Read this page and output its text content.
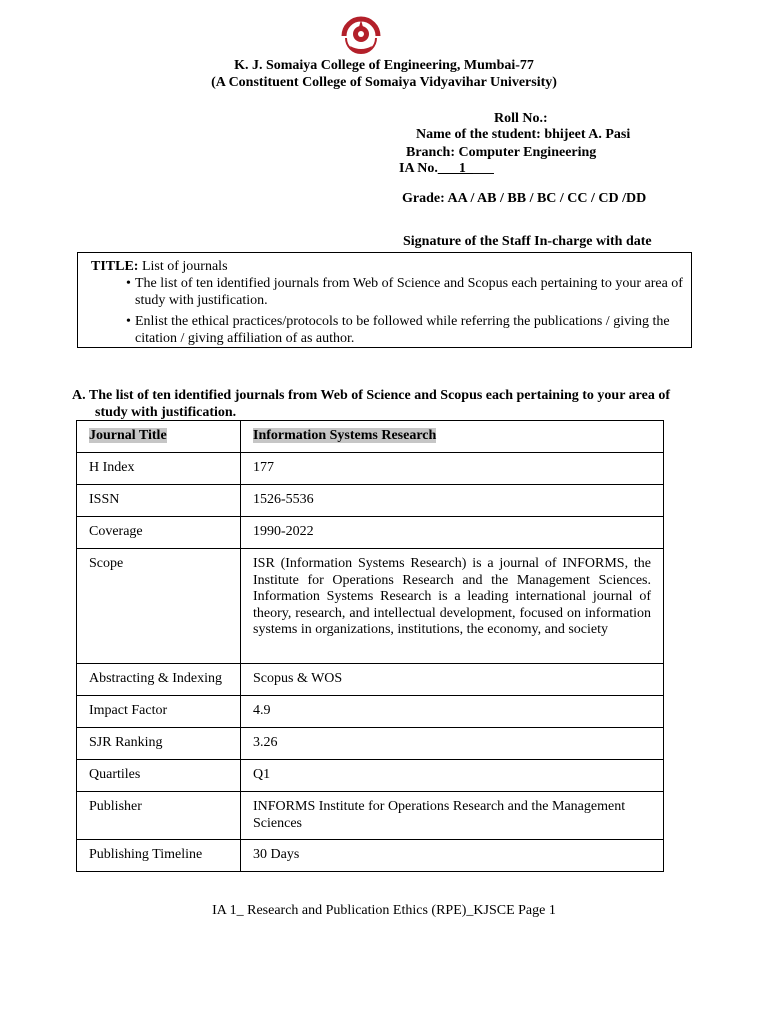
K. J. Somaiya College of Engineering, Mumbai-77
(A Constituent College of Somaiya Vidyavihar University)
Roll No.:
Name of the student: bhijeet A. Pasi
Branch: Computer Engineering
IA No.___1____
Grade: AA / AB / BB / BC / CC / CD /DD
Signature of the Staff In-charge with date
TITLE: List of journals
• The list of ten identified journals from Web of Science and Scopus each pertaining to your area of study with justification.
• Enlist the ethical practices/protocols to be followed while referring the publications / giving the citation / giving affiliation of as author.
A. The list of ten identified journals from Web of Science and Scopus each pertaining to your area of
study with justification.
Journal Title	Information Systems Research
H Index	177
ISSN	1526-5536
Coverage	1990-2022
Scope	ISR (Information Systems Research) is a journal of INFORMS, the Institute for Operations Research and the Management Sciences. Information Systems Research is a leading international journal of theory, research, and intellectual development, focused on information systems in organizations, institutions, the economy, and society
Abstracting & Indexing	Scopus & WOS
Impact Factor	4.9
SJR Ranking	3.26
Quartiles	Q1
Publisher	INFORMS Institute for Operations Research and the Management Sciences
Publishing Timeline	30 Days
IA 1_ Research and Publication Ethics (RPE)_KJSCE Page 1
